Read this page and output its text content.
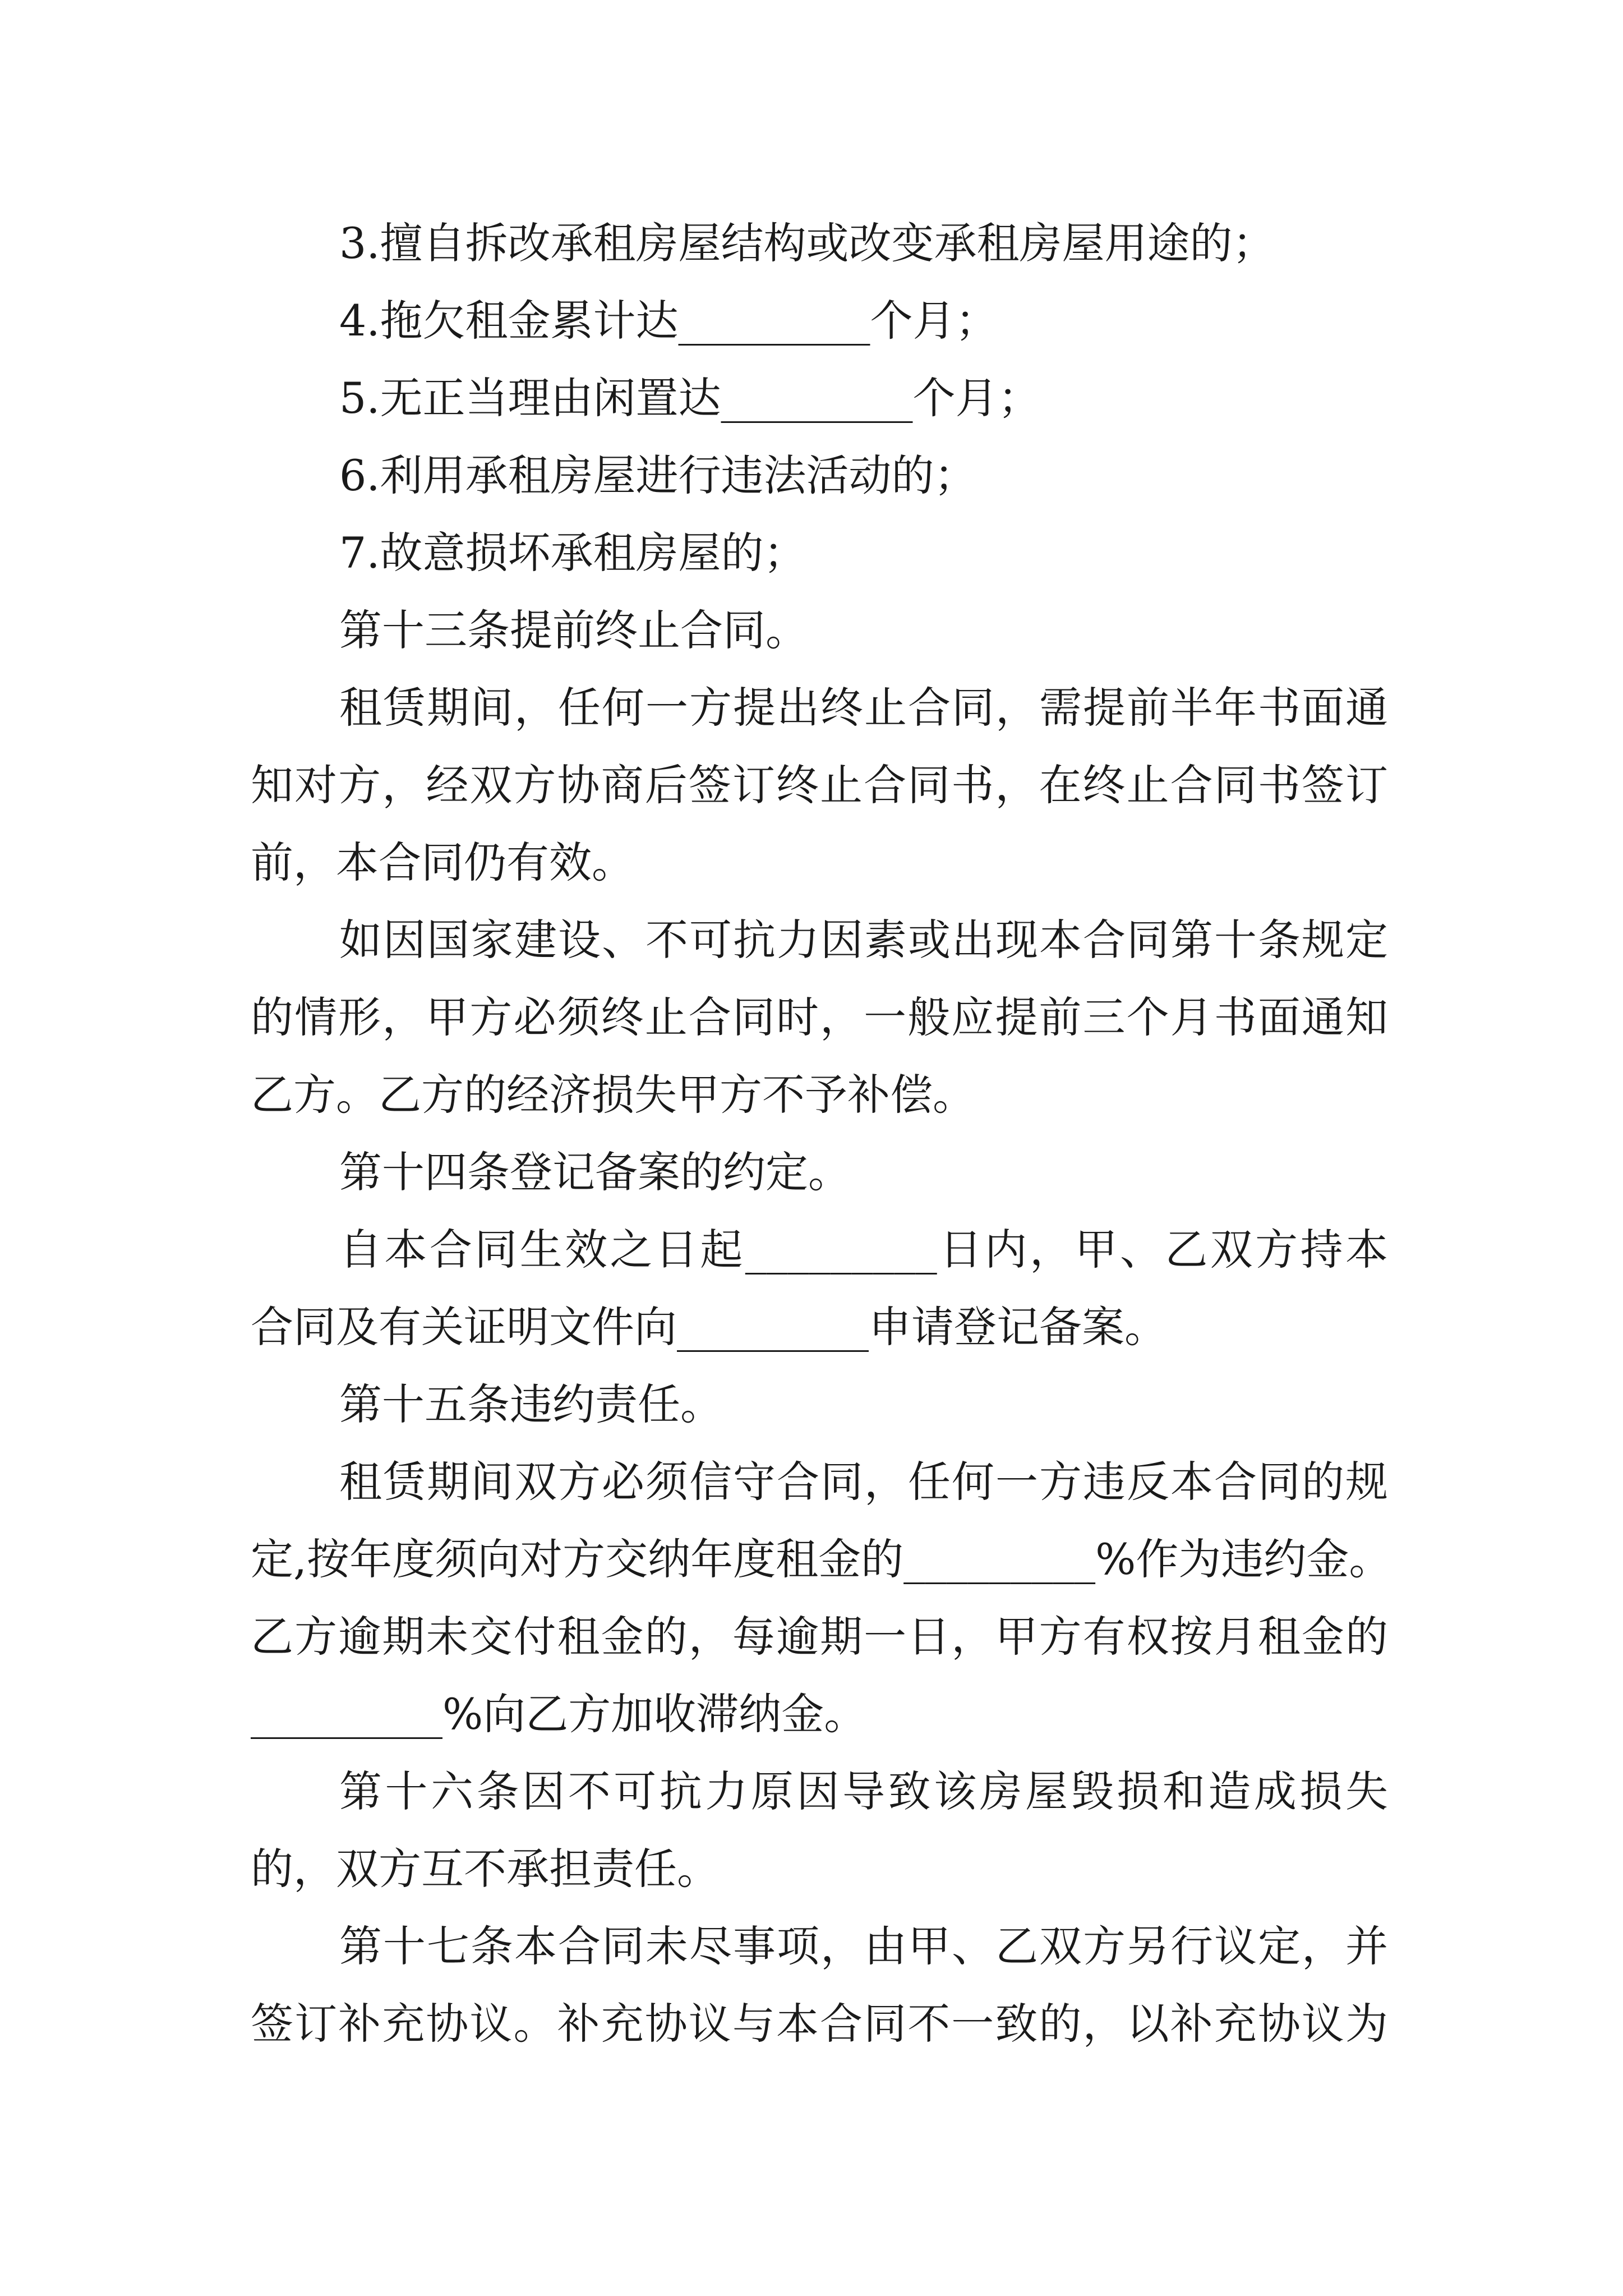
3.擅自拆改承租房屋结构或改变承租房屋用途的；
4.拖欠租金累计达_________个月；
5.无正当理由闲置达_________个月；
6.利用承租房屋进行违法活动的；
7.故意损坏承租房屋的；
第十三条提前终止合同。
租赁期间，任何一方提出终止合同，需提前半年书面通
知对方，经双方协商后签订终止合同书，在终止合同书签订
前，本合同仍有效。
如因国家建设、不可抗力因素或出现本合同第十条规定
的情形，甲方必须终止合同时，一般应提前三个月书面通知
乙方。乙方的经济损失甲方不予补偿。
第十四条登记备案的约定。
自本合同生效之日起_________日内，甲、乙双方持本
合同及有关证明文件向_________申请登记备案。
第十五条违约责任。
租赁期间双方必须信守合同，任何一方违反本合同的规
定,按年度须向对方交纳年度租金的_________%作为违约金。
乙方逾期未交付租金的，每逾期一日，甲方有权按月租金的
_________%向乙方加收滞纳金。
第十六条因不可抗力原因导致该房屋毁损和造成损失
的，双方互不承担责任。
第十七条本合同未尽事项，由甲、乙双方另行议定，并
签订补充协议。补充协议与本合同不一致的，以补充协议为
